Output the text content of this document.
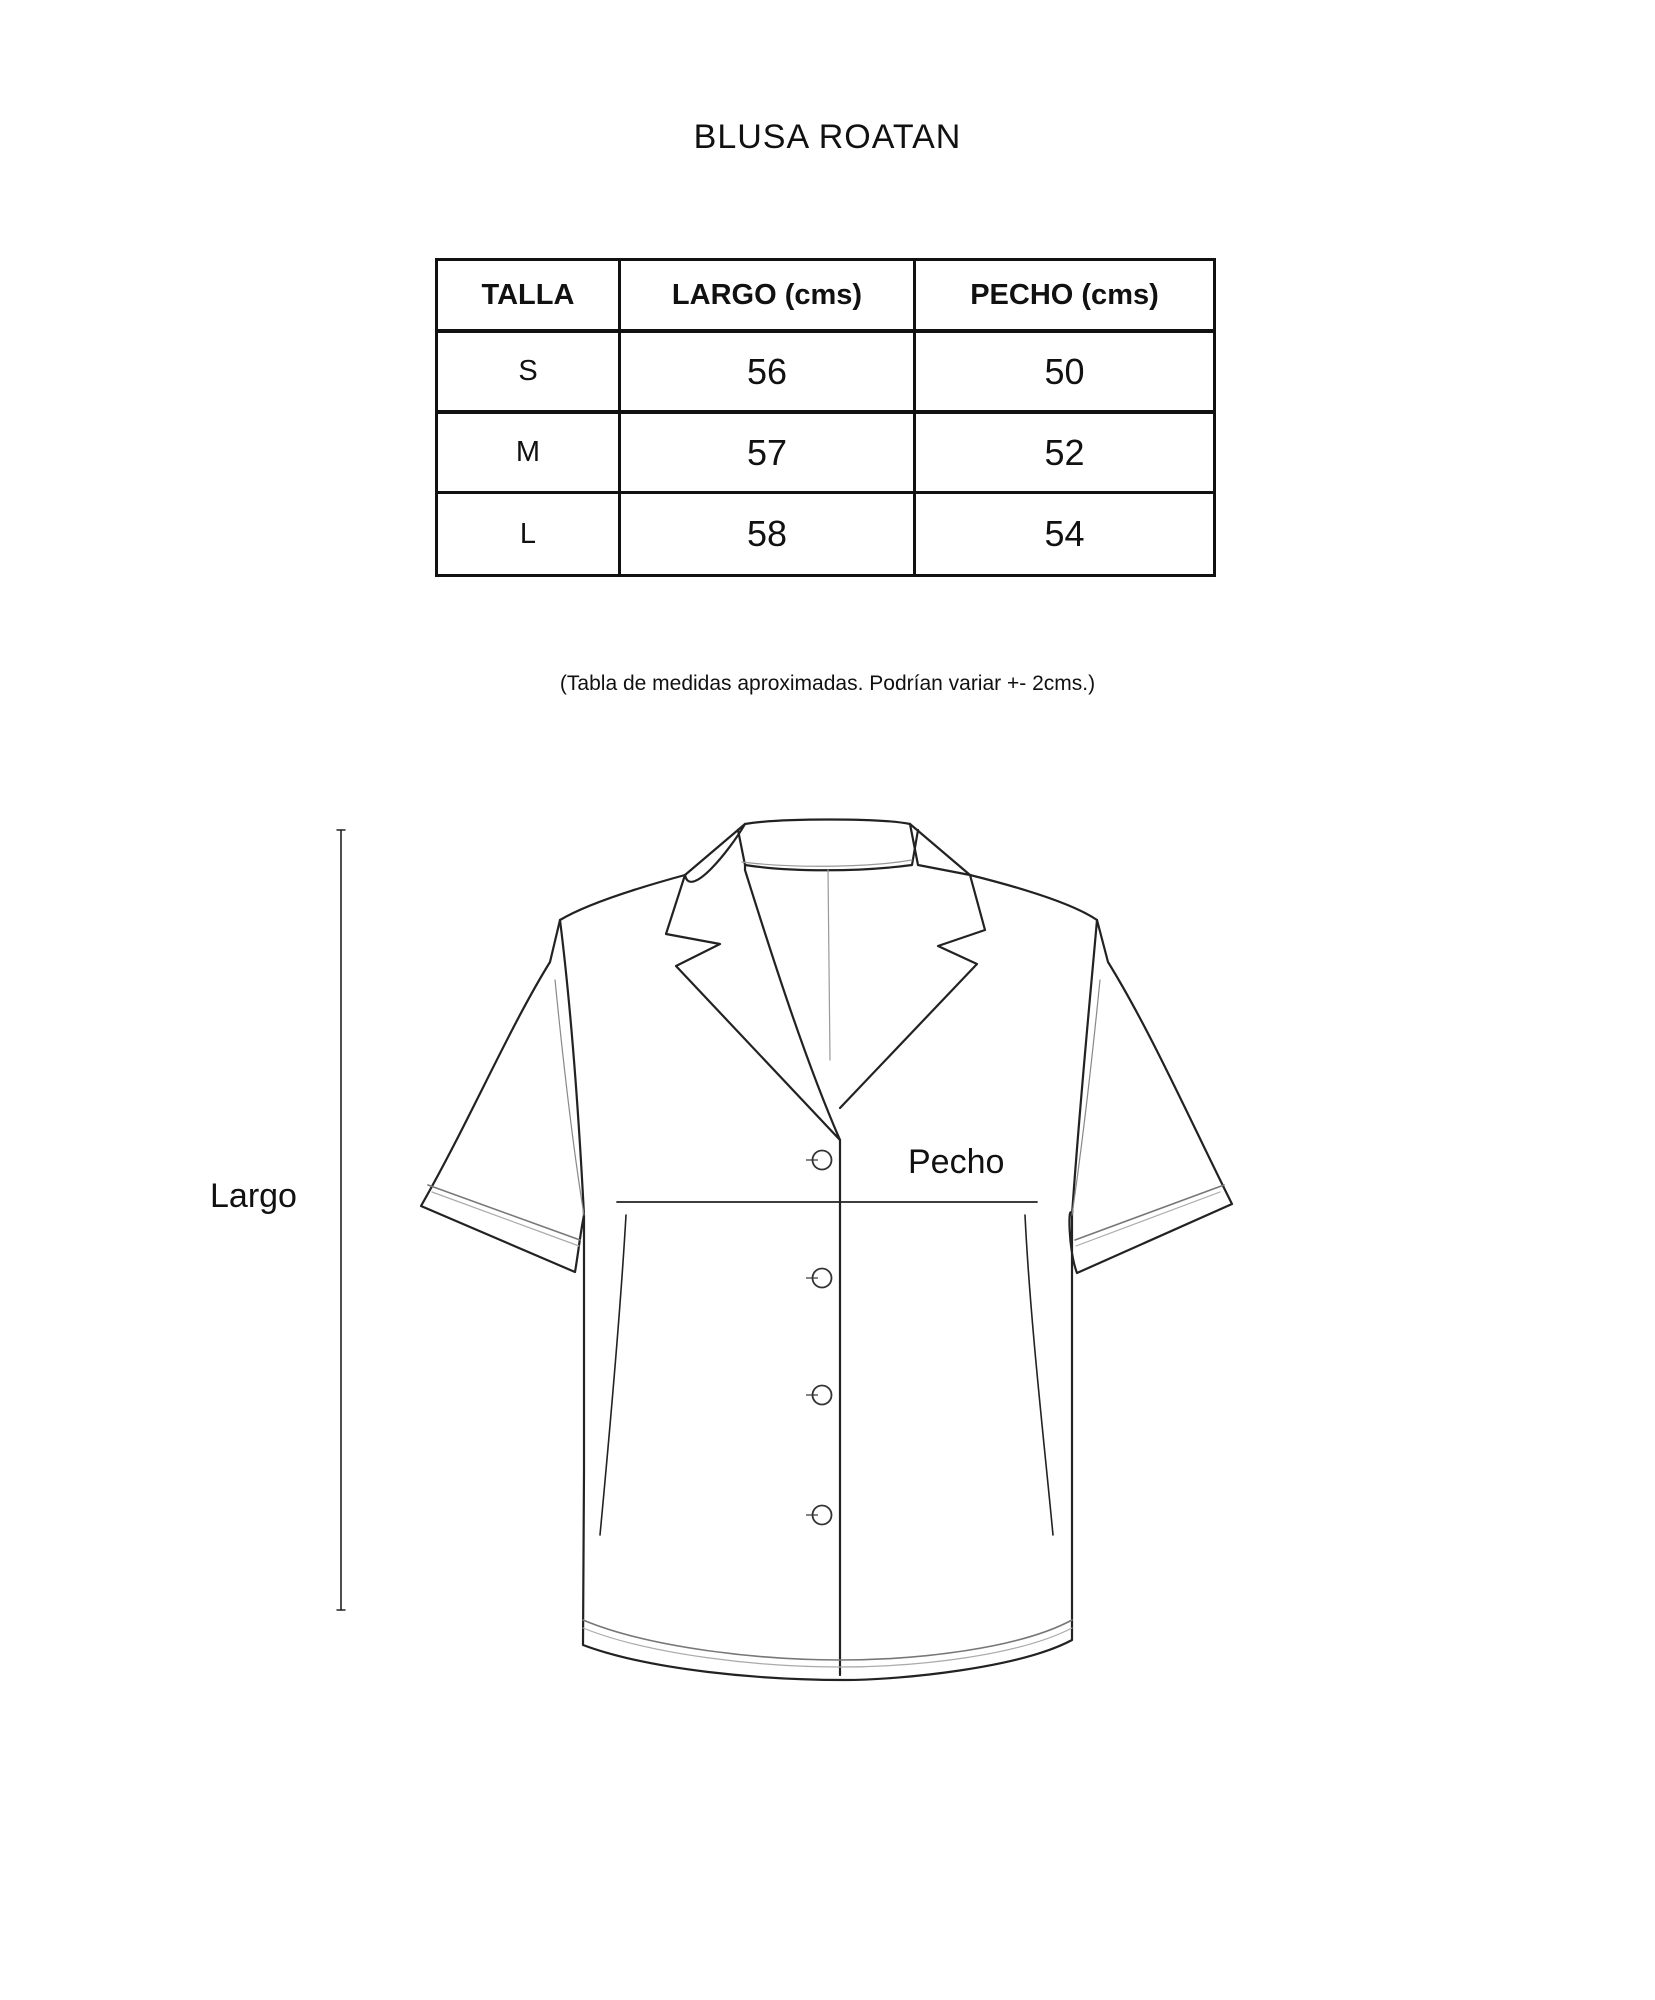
BLUSA ROATAN
TALLA	LARGO (cms)	PECHO (cms)
S	56	50
M	57	52
L	58	54
(Tabla de medidas aproximadas. Podrían variar +- 2cms.)
Largo
Pecho
